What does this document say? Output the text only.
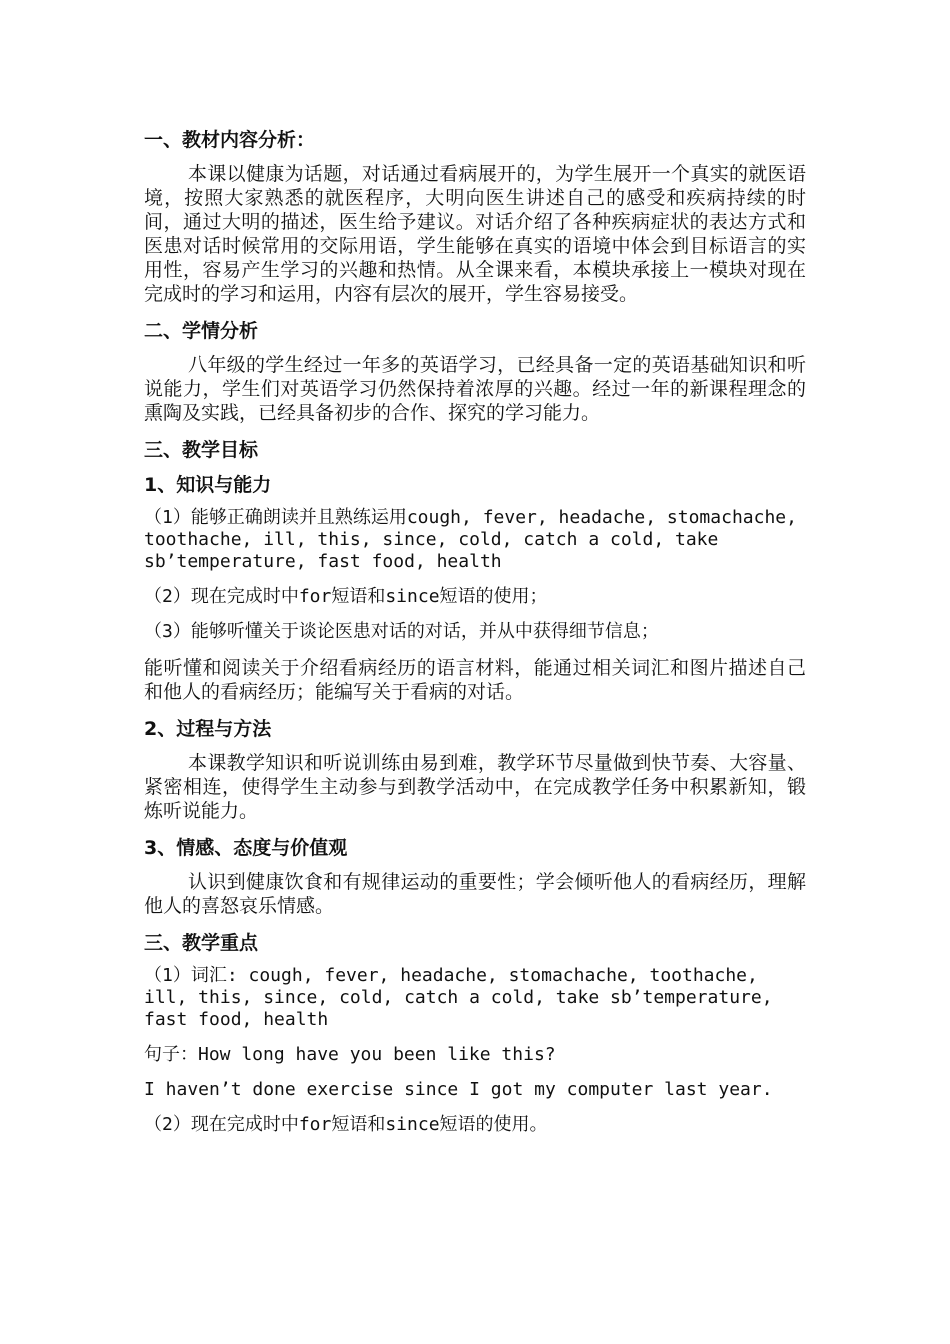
一、教材内容分析：

本课以健康为话题，对话通过看病展开的，为学生展开一个真实的就医语境，按照大家熟悉的就医程序，大明向医生讲述自己的感受和疾病持续的时间，通过大明的描述，医生给予建议。对话介绍了各种疾病症状的表达方式和医患对话时候常用的交际用语，学生能够在真实的语境中体会到目标语言的实用性，容易产生学习的兴趣和热情。从全课来看，本模块承接上一模块对现在完成时的学习和运用，内容有层次的展开，学生容易接受。

二、学情分析

八年级的学生经过一年多的英语学习，已经具备一定的英语基础知识和听说能力，学生们对英语学习仍然保持着浓厚的兴趣。经过一年的新课程理念的熏陶及实践，已经具备初步的合作、探究的学习能力。

三、教学目标
1、知识与能力

（1）能够正确朗读并且熟练运用cough, fever, headache, stomachache, toothache, ill, this, since, cold, catch a cold, take sb’temperature, fast food, health

（2）现在完成时中for短语和since短语的使用；

（3）能够听懂关于谈论医患对话的对话，并从中获得细节信息；

能听懂和阅读关于介绍看病经历的语言材料，能通过相关词汇和图片描述自己和他人的看病经历；能编写关于看病的对话。

2、过程与方法

本课教学知识和听说训练由易到难，教学环节尽量做到快节奏、大容量、紧密相连，使得学生主动参与到教学活动中，在完成教学任务中积累新知，锻炼听说能力。

3、情感、态度与价值观

认识到健康饮食和有规律运动的重要性；学会倾听他人的看病经历，理解他人的喜怒哀乐情感。

三、教学重点

（1）词汇: cough, fever, headache, stomachache, toothache, ill, this, since, cold, catch a cold, take sb’temperature, fast food, health

句子：How long have you been like this?

I haven’t done exercise since I got my computer last year.

（2）现在完成时中for短语和since短语的使用。
